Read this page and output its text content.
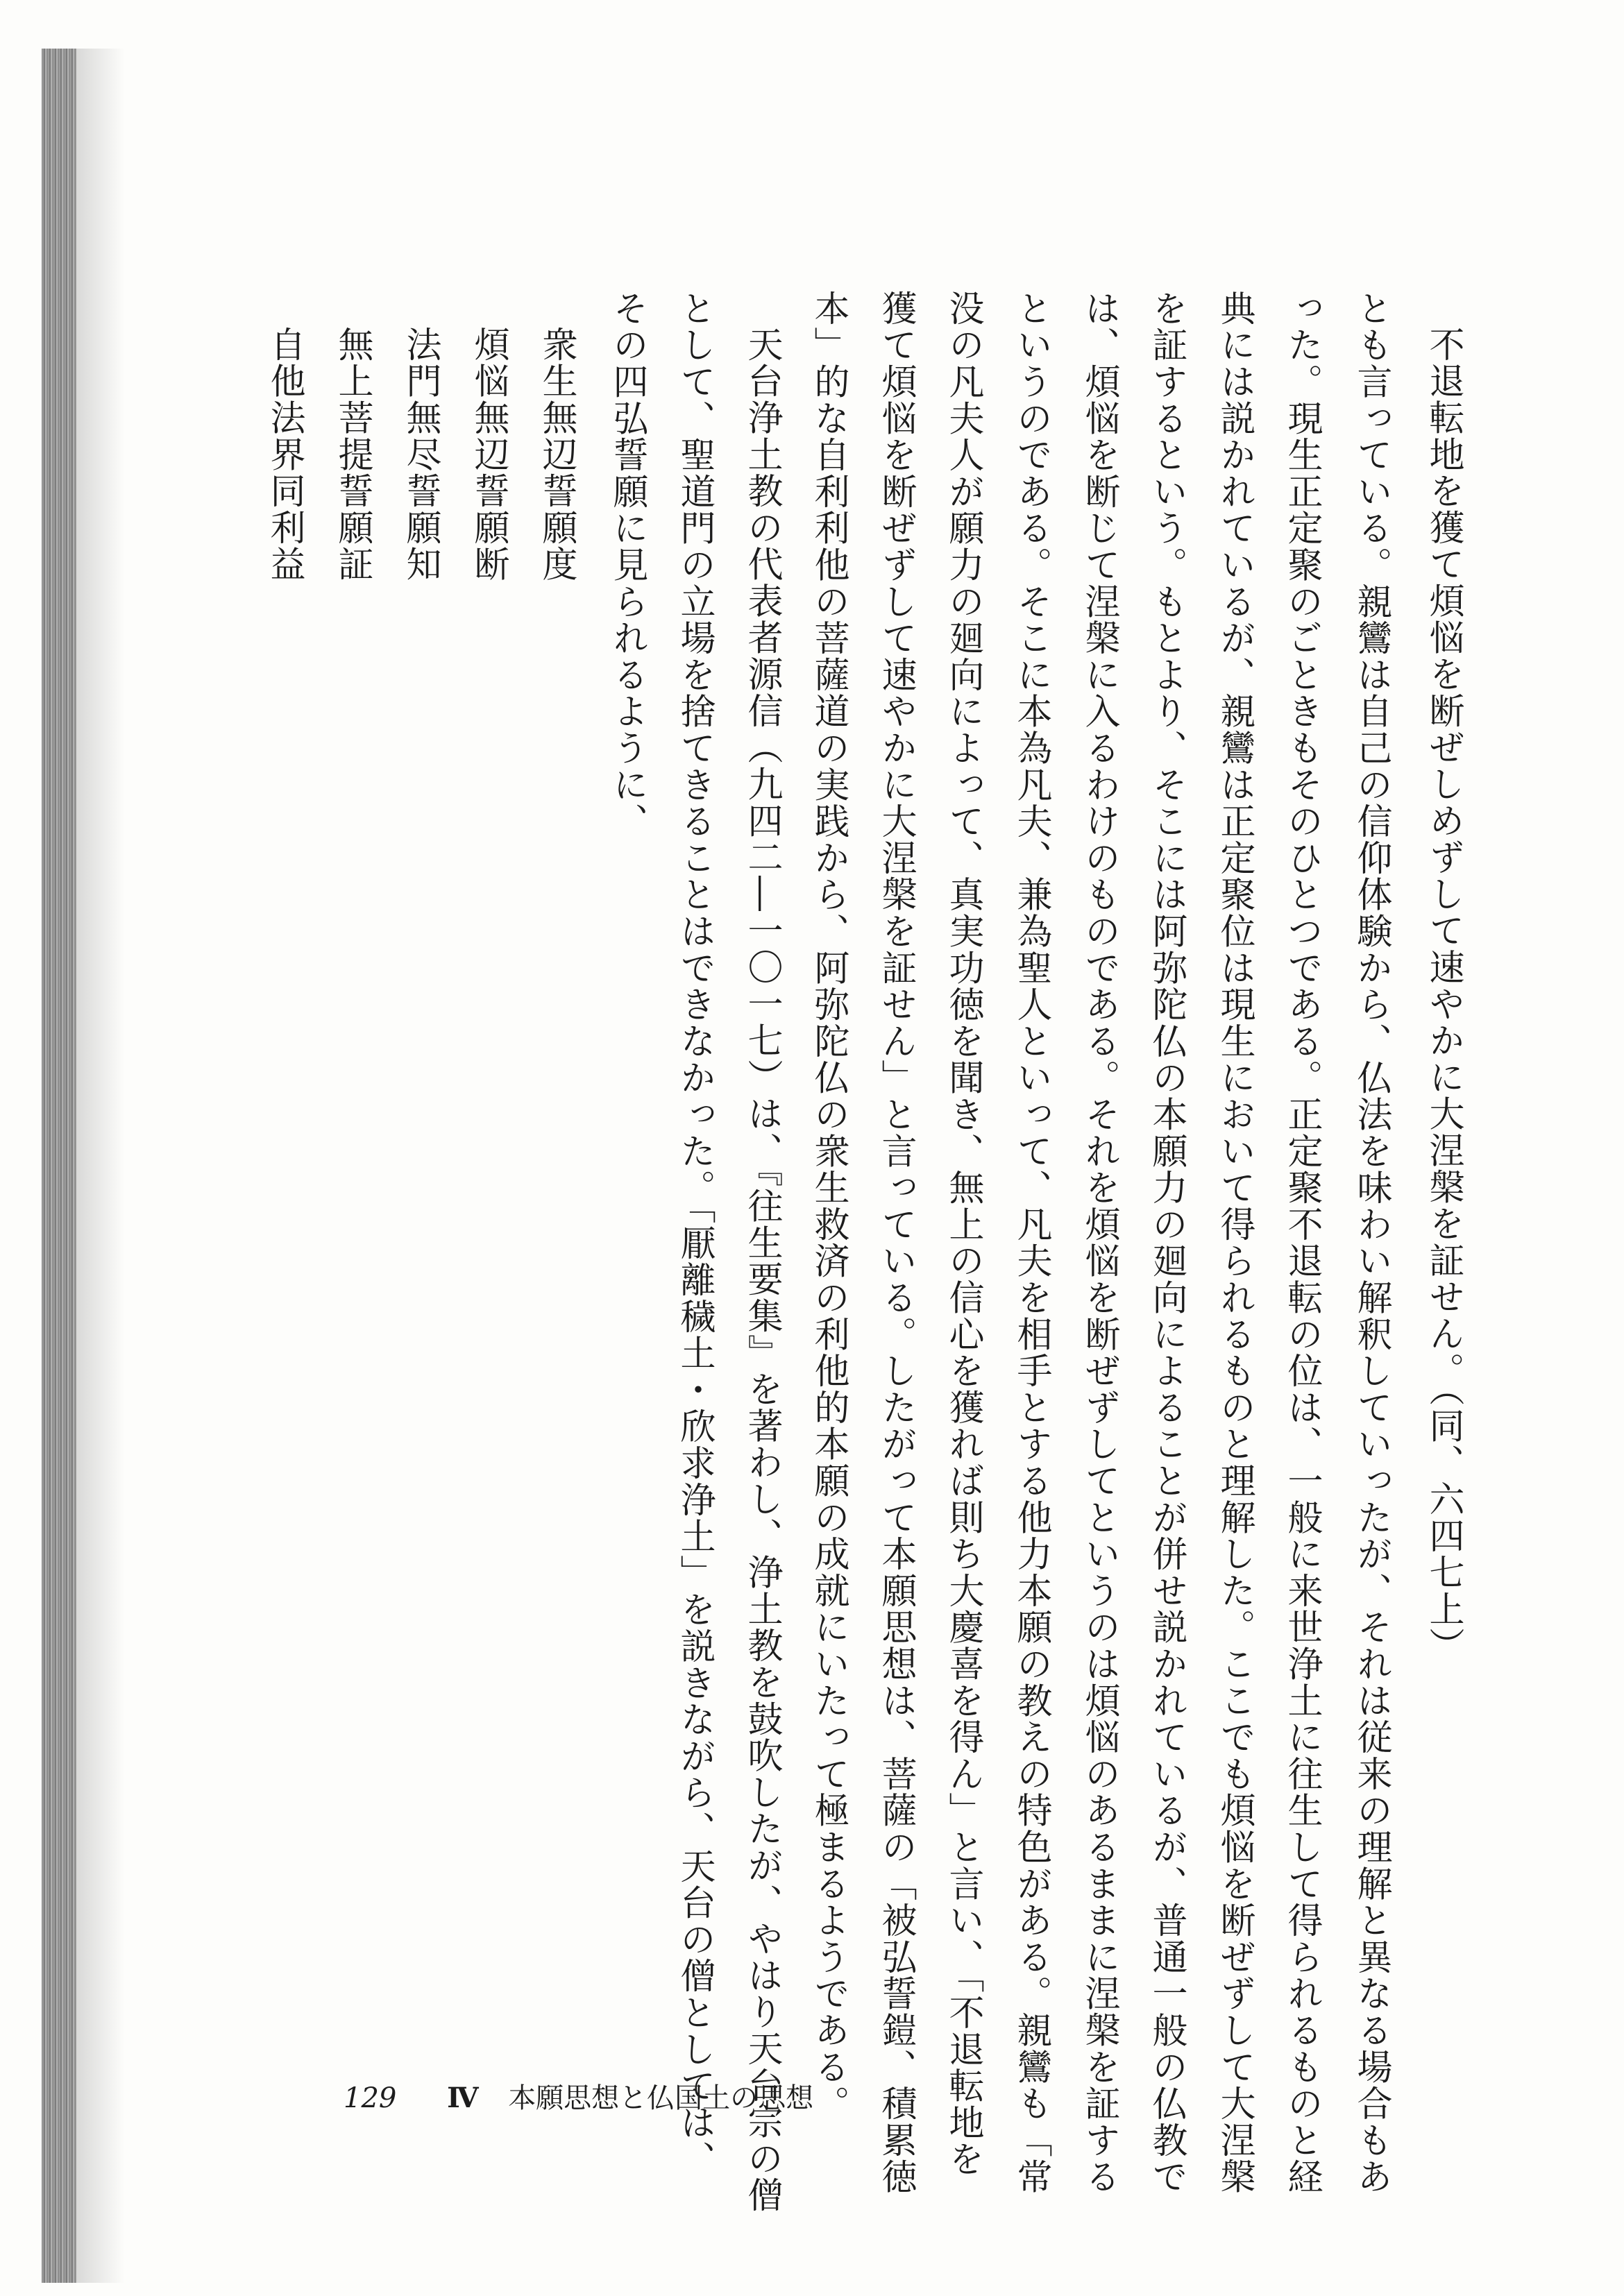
不退転地を獲て煩悩を断ぜしめずして速やかに大涅槃を証せん。（同、六四七上）

とも言っている。親鸞は自己の信仰体験から、仏法を味わい解釈していったが、それは従来の理解と異なる場合もあ

った。現生正定聚のごときもそのひとつである。正定聚不退転の位は、一般に来世浄土に往生して得られるものと経

典には説かれているが、親鸞は正定聚位は現生において得られるものと理解した。ここでも煩悩を断ぜずして大涅槃

を証するという。もとより、そこには阿弥陀仏の本願力の廻向によることが併せ説かれているが、普通一般の仏教で

は、煩悩を断じて涅槃に入るわけのものである。それを煩悩を断ぜずしてというのは煩悩のあるままに涅槃を証する

というのである。そこに本為凡夫、兼為聖人といって、凡夫を相手とする他力本願の教えの特色がある。親鸞も「常

没の凡夫人が願力の廻向によって、真実功徳を聞き、無上の信心を獲れば則ち大慶喜を得ん」と言い、「不退転地を

獲て煩悩を断ぜずして速やかに大涅槃を証せん」と言っている。したがって本願思想は、菩薩の「被弘誓鎧、積累徳

本」的な自利利他の菩薩道の実践から、阿弥陀仏の衆生救済の利他的本願の成就にいたって極まるようである。

天台浄土教の代表者源信（九四二―一〇一七）は、『往生要集』を著わし、浄土教を鼓吹したが、やはり天台宗の僧

として、聖道門の立場を捨てきることはできなかった。「厭離穢土・欣求浄土」を説きながら、天台の僧としては、

その四弘誓願に見られるように、

衆生無辺誓願度

煩悩無辺誓願断

法門無尽誓願知

無上菩提誓願証

自他法界同利益

129 Ⅳ 本願思想と仏国土の思想
